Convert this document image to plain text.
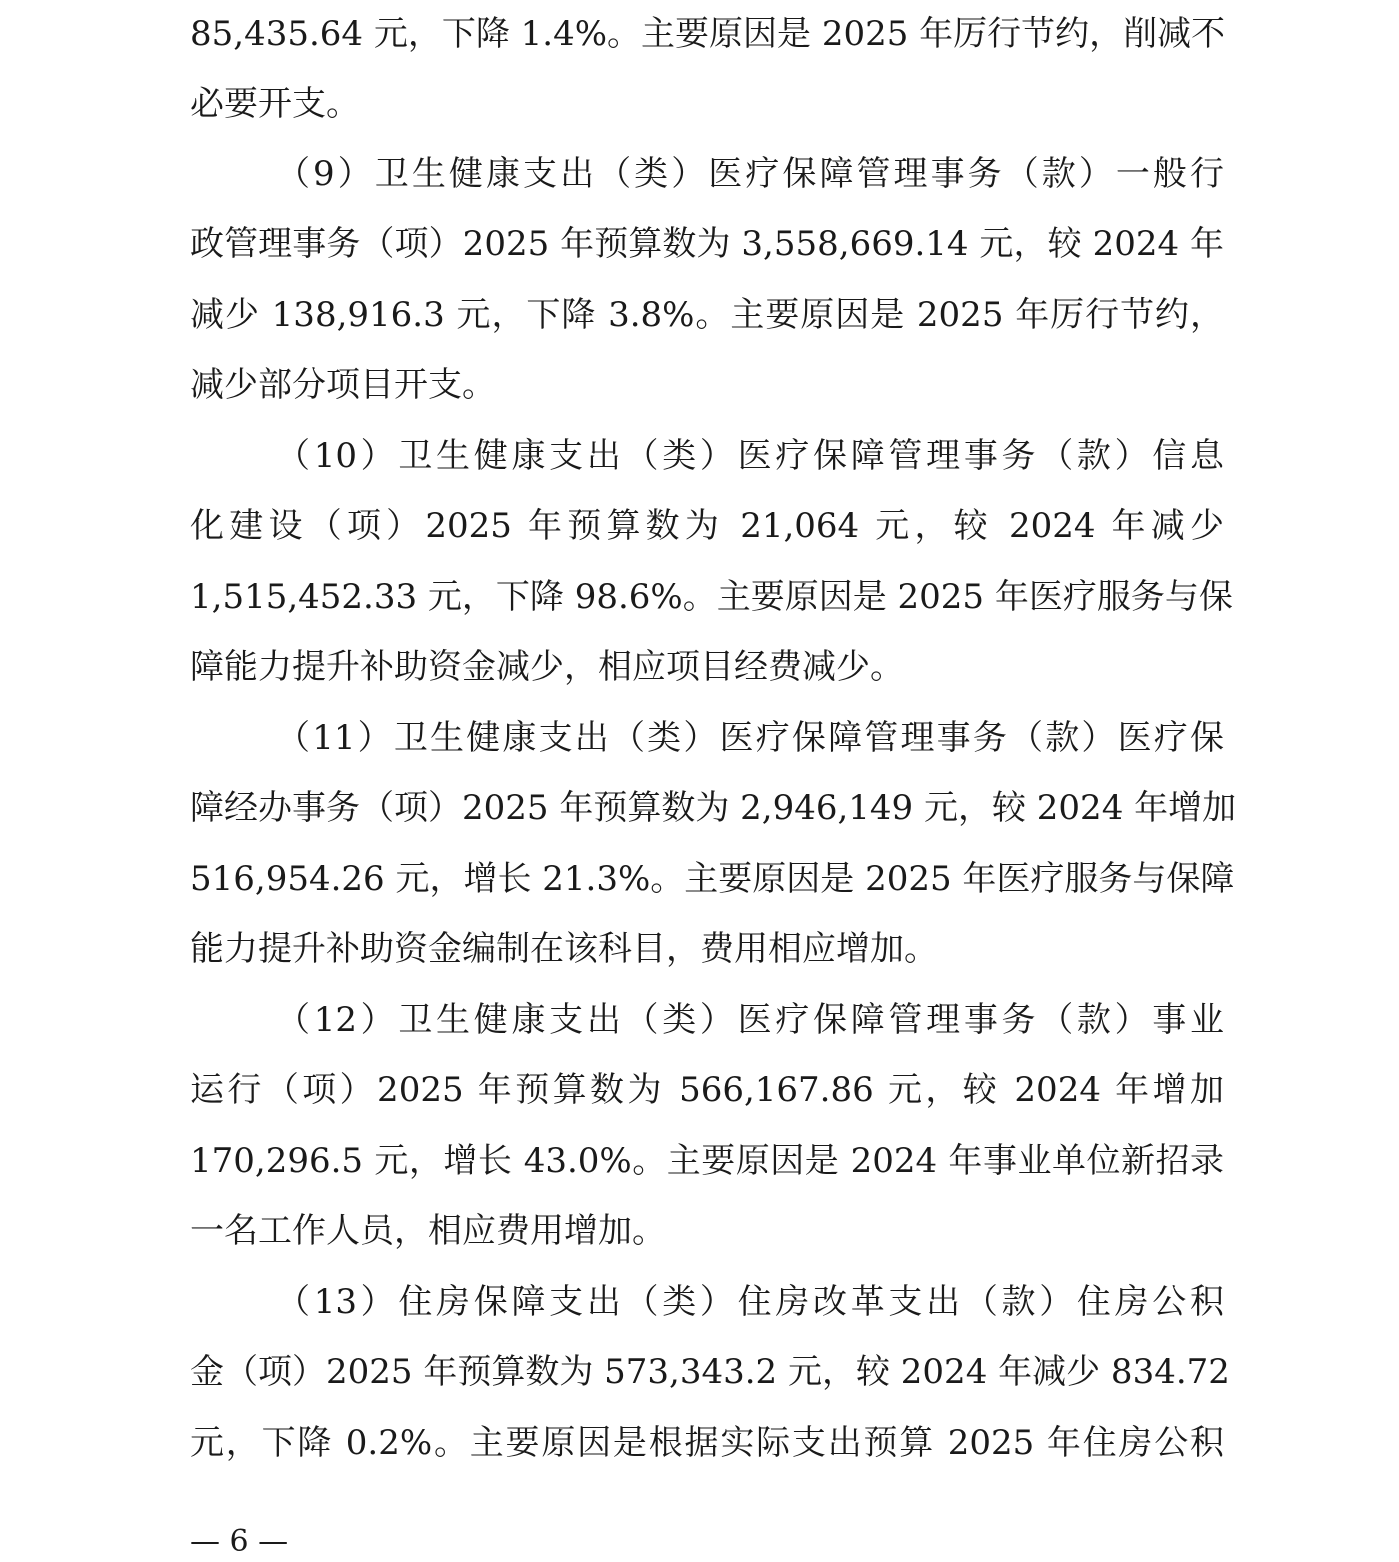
85,435.64 元，下降 1.4%。主要原因是 2025 年厉行节约，削减不
必要开支。
（9）卫生健康支出（类）医疗保障管理事务（款）一般行
政管理事务（项）2025 年预算数为 3,558,669.14 元，较 2024 年
减少 138,916.3 元，下降 3.8%。主要原因是 2025 年厉行节约，
减少部分项目开支。
（10）卫生健康支出（类）医疗保障管理事务（款）信息
化建设（项）2025 年预算数为 21,064 元，较 2024 年减少
1,515,452.33 元，下降 98.6%。主要原因是 2025 年医疗服务与保
障能力提升补助资金减少，相应项目经费减少。
（11）卫生健康支出（类）医疗保障管理事务（款）医疗保
障经办事务（项）2025 年预算数为 2,946,149 元，较 2024 年增加
516,954.26 元，增长 21.3%。主要原因是 2025 年医疗服务与保障
能力提升补助资金编制在该科目，费用相应增加。
（12）卫生健康支出（类）医疗保障管理事务（款）事业
运行（项）2025 年预算数为 566,167.86 元，较 2024 年增加
170,296.5 元，增长 43.0%。主要原因是 2024 年事业单位新招录
一名工作人员，相应费用增加。
（13）住房保障支出（类）住房改革支出（款）住房公积
金（项）2025 年预算数为 573,343.2 元，较 2024 年减少 834.72
元，下降 0.2%。主要原因是根据实际支出预算 2025 年住房公积
— 6 —
